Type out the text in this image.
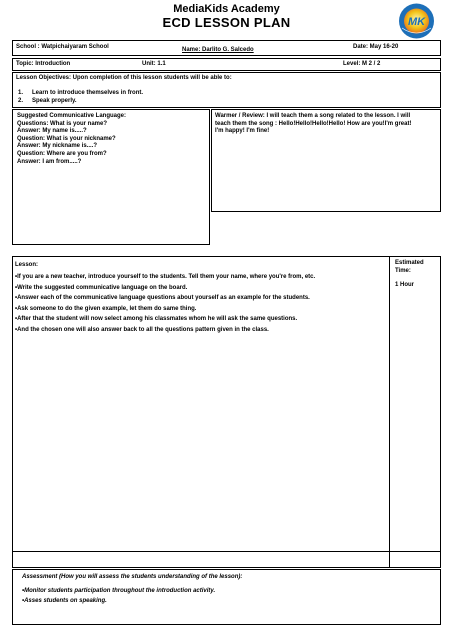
MediaKids Academy
ECD LESSON PLAN	MK
School : Watpichaiyaram School	Name: Darlito G. Salcedo	Date: May 16-20
Topic: Introduction	Unit: 1.1	Level: M 2 / 2
Lesson Objectives: Upon completion of this lesson students will be able to:
1.	Learn to introduce themselves in front.
2.	Speak properly.
Suggested Communicative Language:
Questions: What is your name?
Answer: My name is.....?
Question: What is your nickname?
Answer: My nickname is....?
Question: Where are you from?
Answer: I am from.....?
Warmer / Review: I will teach them a song related to the lesson. I will
teach them the song : Hello!Hello!Hello!Hello! How are you!I'm great!
I'm happy! I'm fine!
Lesson:
•If you are a new teacher, introduce yourself to the students. Tell them your name, where you're from, etc.
•Write the suggested communicative language on the board.
•Answer each of the communicative language questions about yourself as an example for the students.
•Ask someone to do the given example, let them do same thing.
•After that the student will now select among his classmates whom he will ask the same questions.
•And the chosen one will also answer back to all the questions pattern given in the class.
Estimated
Time:
1 Hour
Assessment (How you will assess the students understanding of the lesson):
•Monitor students participation throughout the introduction activity.
•Asses students on speaking.
